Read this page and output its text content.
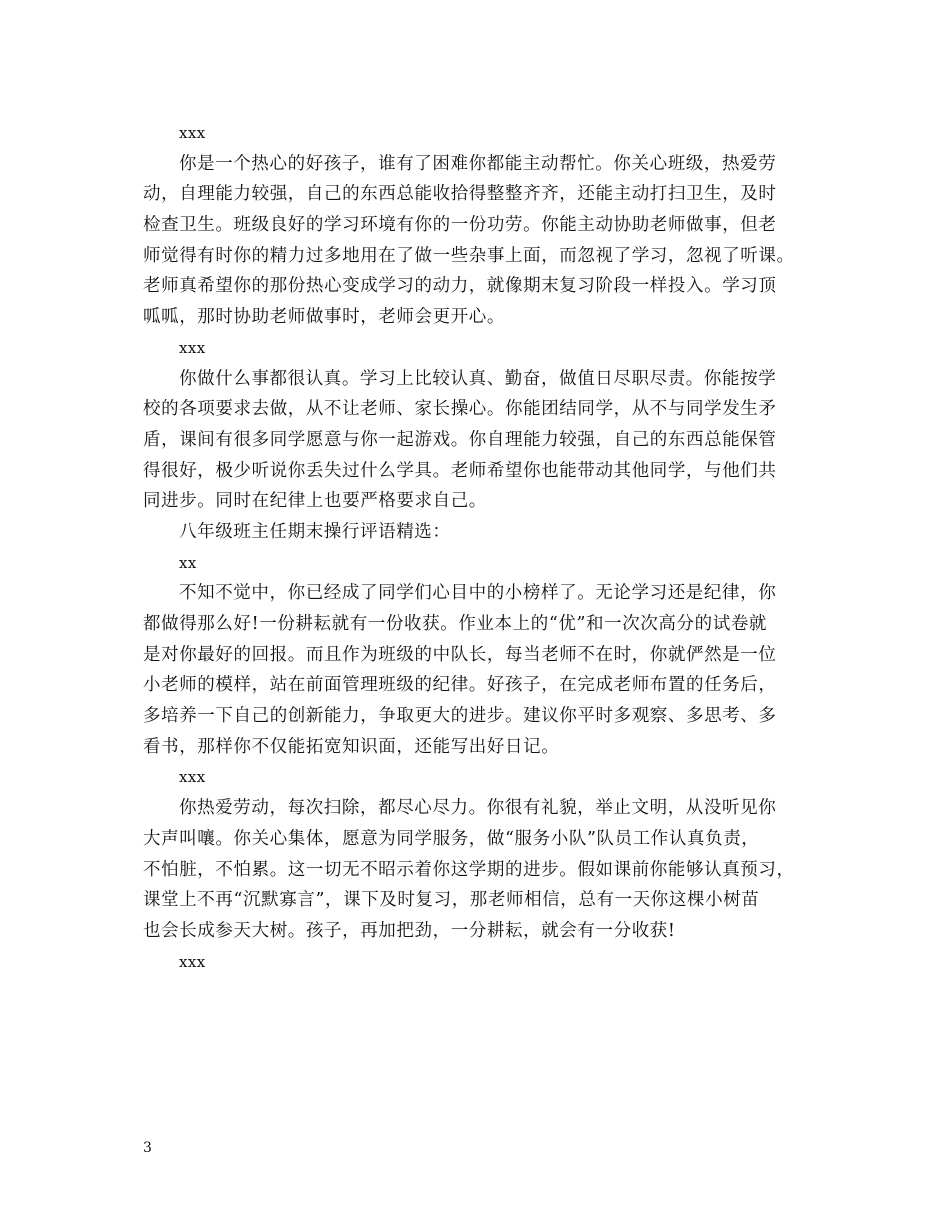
xxx
你是一个热心的好孩子，谁有了困难你都能主动帮忙。你关心班级，热爱劳
动，自理能力较强，自己的东西总能收拾得整整齐齐，还能主动打扫卫生，及时
检查卫生。班级良好的学习环境有你的一份功劳。你能主动协助老师做事，但老
师觉得有时你的精力过多地用在了做一些杂事上面，而忽视了学习，忽视了听课。
老师真希望你的那份热心变成学习的动力，就像期末复习阶段一样投入。学习顶
呱呱，那时协助老师做事时，老师会更开心。
xxx
你做什么事都很认真。学习上比较认真、勤奋，做值日尽职尽责。你能按学
校的各项要求去做，从不让老师、家长操心。你能团结同学，从不与同学发生矛
盾，课间有很多同学愿意与你一起游戏。你自理能力较强，自己的东西总能保管
得很好，极少听说你丢失过什么学具。老师希望你也能带动其他同学，与他们共
同进步。同时在纪律上也要严格要求自己。
八年级班主任期末操行评语精选：
xx
不知不觉中，你已经成了同学们心目中的小榜样了。无论学习还是纪律，你
都做得那么好!一份耕耘就有一份收获。作业本上的“优”和一次次高分的试卷就
是对你最好的回报。而且作为班级的中队长，每当老师不在时，你就俨然是一位
小老师的模样，站在前面管理班级的纪律。好孩子，在完成老师布置的任务后，
多培养一下自己的创新能力，争取更大的进步。建议你平时多观察、多思考、多
看书，那样你不仅能拓宽知识面，还能写出好日记。
xxx
你热爱劳动，每次扫除，都尽心尽力。你很有礼貌，举止文明，从没听见你
大声叫嚷。你关心集体，愿意为同学服务，做“服务小队”队员工作认真负责，
不怕脏，不怕累。这一切无不昭示着你这学期的进步。假如课前你能够认真预习，
课堂上不再“沉默寡言”，课下及时复习，那老师相信，总有一天你这棵小树苗
也会长成参天大树。孩子，再加把劲，一分耕耘，就会有一分收获!
xxx
3
